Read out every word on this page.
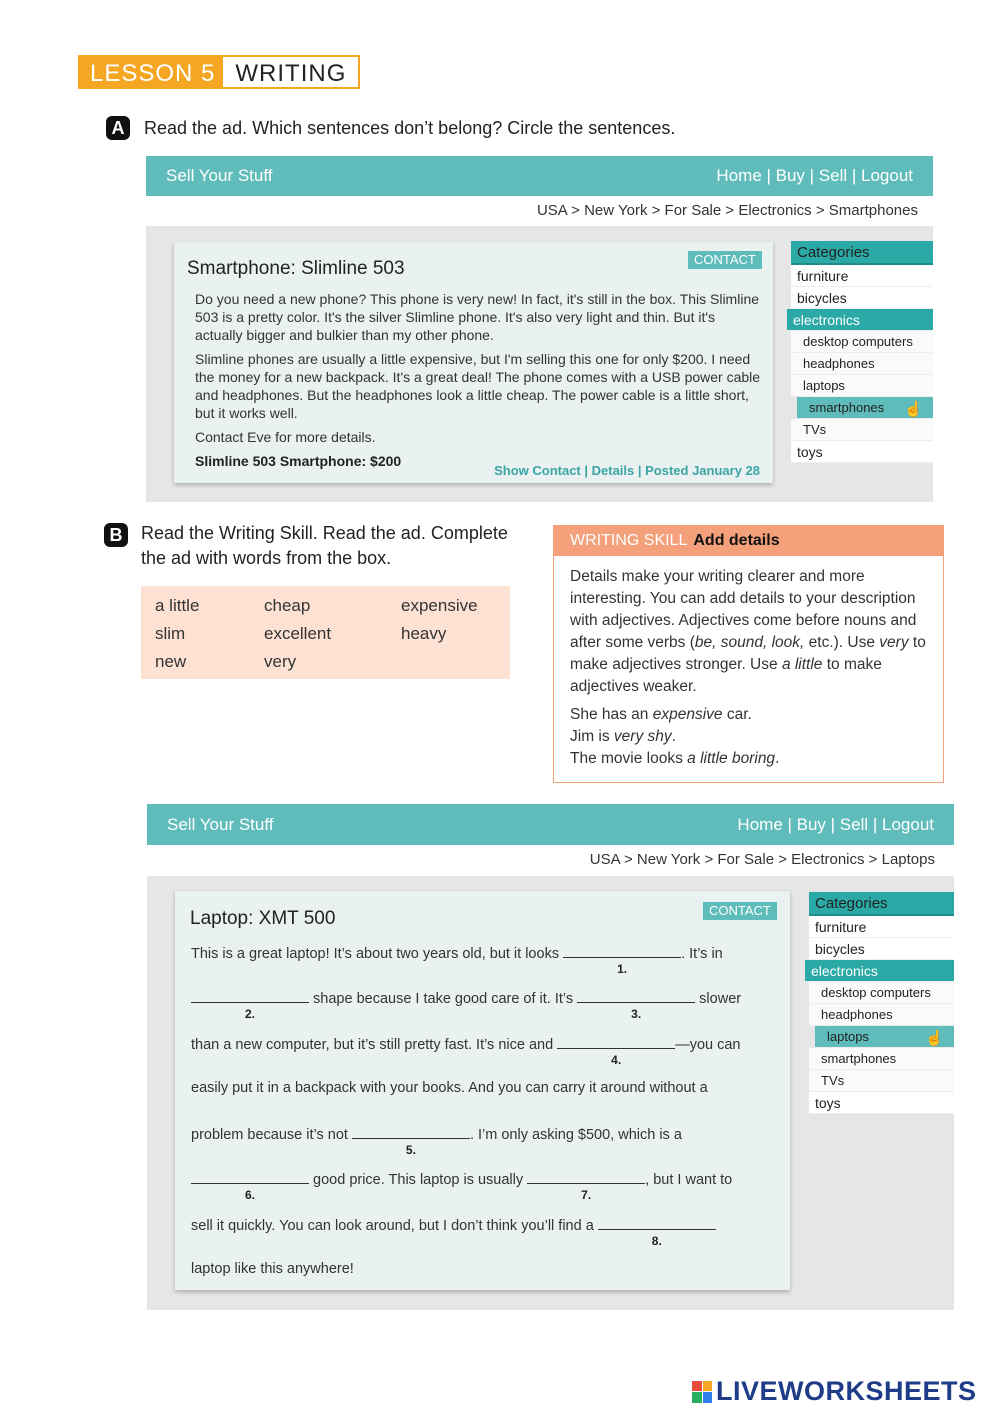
LESSON 5 WRITING
A	Read the ad. Which sentences don’t belong? Circle the sentences.
Sell Your Stuff	Home | Buy | Sell | Logout
USA > New York > For Sale > Electronics > Smartphones
Smartphone: Slimline 503	CONTACT

Do you need a new phone? This phone is very new! In fact, it's still in the box. This Slimline 503 is a pretty color. It's the silver Slimline phone. It's also very light and thin. But it's actually bigger and bulkier than my other phone.

Slimline phones are usually a little expensive, but I'm selling this one for only $200. I need the money for a new backpack. It's a great deal! The phone comes with a USB power cable and headphones. But the headphones look a little cheap. The power cable is a little short, but it works well.

Contact Eve for more details.

Slimline 503 Smartphone: $200

Show Contact | Details | Posted January 28
Categories
furniture
bicycles
electronics
desktop computers
headphones
laptops
smartphones ☝
TVs
toys
B	Read the Writing Skill. Read the ad. Complete
the ad with words from the box.
a little	cheap	expensive
slim	excellent	heavy
new	very
WRITING SKILL Add details
Details make your writing clearer and more interesting. You can add details to your description with adjectives. Adjectives come before nouns and after some verbs (be, sound, look, etc.). Use very to make adjectives stronger. Use a little to make adjectives weaker.
She has an expensive car.
Jim is very shy.
The movie looks a little boring.
Sell Your Stuff	Home | Buy | Sell | Logout
USA > New York > For Sale > Electronics > Laptops
Laptop: XMT 500	CONTACT
This is a great laptop! It’s about two years old, but it looks
1.
. It’s in
2.
shape because I take good care of it. It’s
3.
slower
than a new computer, but it’s still pretty fast. It’s nice and
4.
—you can
easily put it in a backpack with your books. And you can carry it around without a
problem because it’s not
5.
. I’m only asking $500, which is a
6.
good price. This laptop is usually
7.
, but I want to
sell it quickly. You can look around, but I don’t think you’ll find a
8.
laptop like this anywhere!
Categories
furniture
bicycles
electronics
desktop computers
headphones
laptops	☝
smartphones
TVs
toys
LIVEWORKSHEETS
